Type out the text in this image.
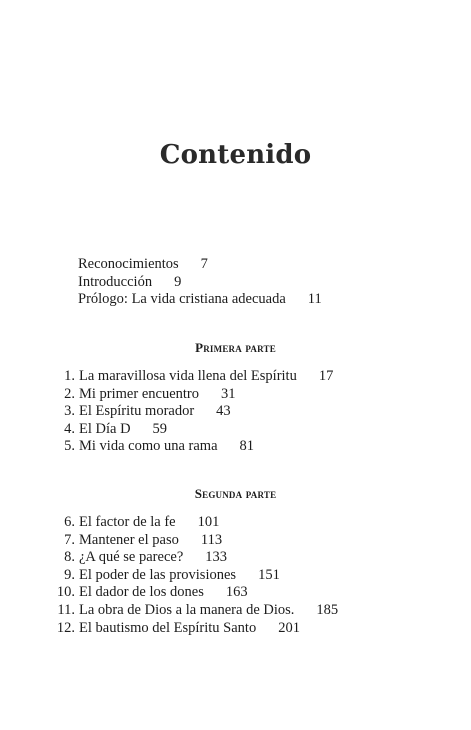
Contenido
Reconocimientos 7
Introducción 9
Prólogo: La vida cristiana adecuada 11
Primera parte
1. La maravillosa vida llena del Espíritu 17
2. Mi primer encuentro 31
3. El Espíritu morador 43
4. El Día D 59
5. Mi vida como una rama 81
Segunda parte
6. El factor de la fe 101
7. Mantener el paso 113
8. ¿A qué se parece? 133
9. El poder de las provisiones 151
10. El dador de los dones 163
11. La obra de Dios a la manera de Dios. 185
12. El bautismo del Espíritu Santo 201
